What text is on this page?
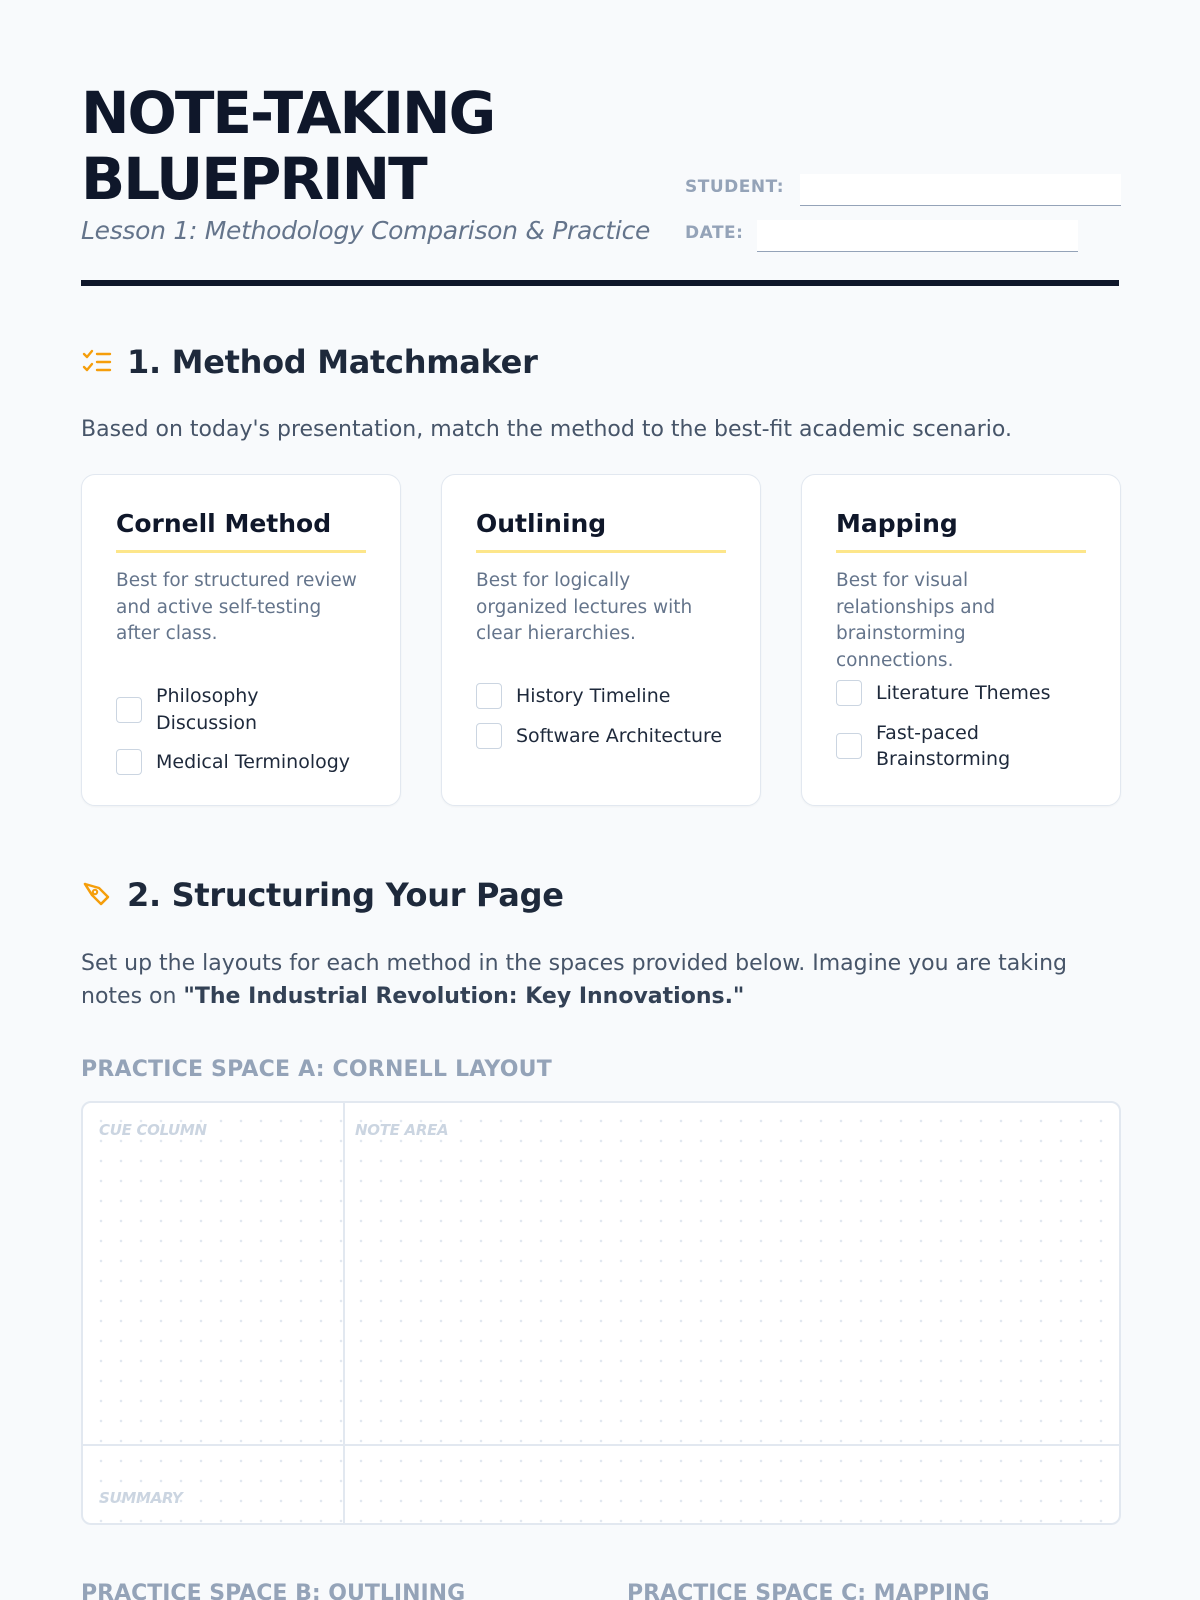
NOTE-TAKING
BLUEPRINT
Lesson 1: Methodology Comparison & Practice
STUDENT:
DATE:
1. Method Matchmaker
Based on today's presentation, match the method to the best-fit academic scenario.
Cornell Method
Best for structured review and active self-testing after class.
Philosophy Discussion
Medical Terminology
Outlining
Best for logically organized lectures with clear hierarchies.
History Timeline
Software Architecture
Mapping
Best for visual relationships and brainstorming connections.
Literature Themes
Fast-paced Brainstorming
2. Structuring Your Page
Set up the layouts for each method in the spaces provided below. Imagine you are taking notes on "The Industrial Revolution: Key Innovations."
PRACTICE SPACE A: CORNELL LAYOUT
CUE COLUMN	NOTE AREA
SUMMARY
PRACTICE SPACE B: OUTLINING	PRACTICE SPACE C: MAPPING
